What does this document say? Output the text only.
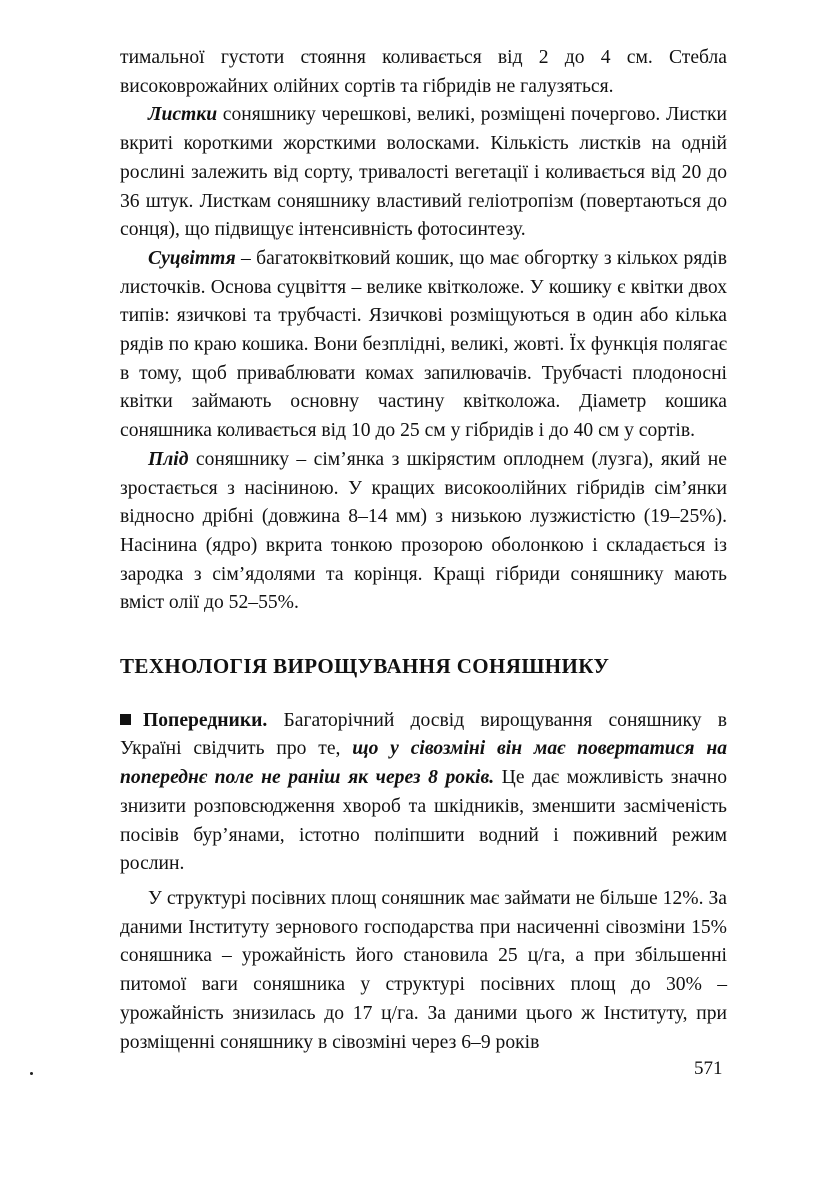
тимальної густоти стояння коливається від 2 до 4 см. Стебла високоврожайних олійних сортів та гібридів не галузяться.

Листки соняшнику черешкові, великі, розміщені почергово. Листки вкриті короткими жорсткими волосками. Кількість листків на одній рослині залежить від сорту, тривалості вегетації і коливається від 20 до 36 штук. Листкам соняшнику властивий геліотропізм (повертаються до сонця), що підвищує інтенсивність фотосинтезу.

Суцвіття – багатоквітковий кошик, що має обгортку з кількох рядів листочків. Основа суцвіття – велике квітколоже. У кошику є квітки двох типів: язичкові та трубчасті. Язичкові розміщуються в один або кілька рядів по краю кошика. Вони безплідні, великі, жовті. Їх функція полягає в тому, щоб приваблювати комах запилювачів. Трубчасті плодоносні квітки займають основну частину квітколожа. Діаметр кошика соняшника коливається від 10 до 25 см у гібридів і до 40 см у сортів.

Плід соняшнику – сім’янка з шкірястим оплоднем (лузга), який не зростається з насіниною. У кращих високоолійних гібридів сім’янки відносно дрібні (довжина 8–14 мм) з низькою лузжистістю (19–25%). Насінина (ядро) вкрита тонкою прозорою оболонкою і складається із зародка з сім’ядолями та корінця. Кращі гібриди соняшнику мають вміст олії до 52–55%.

ТЕХНОЛОГІЯ ВИРОЩУВАННЯ СОНЯШНИКУ

Попередники. Багаторічний досвід вирощування соняшнику в Україні свідчить про те, що у сівозміні він має повертатися на попереднє поле не раніш як через 8 років. Це дає можливість значно знизити розповсюдження хвороб та шкідників, зменшити засміченість посівів бур’янами, істотно поліпшити водний і поживний режим рослин.

У структурі посівних площ соняшник має займати не більше 12%. За даними Інституту зернового господарства при насиченні сівозміни 15% соняшника – урожайність його становила 25 ц/га, а при збільшенні питомої ваги соняшника у структурі посівних площ до 30% – урожайність знизилась до 17 ц/га. За даними цього ж Інституту, при розміщенні соняшнику в сівозміні через 6–9 років

571
